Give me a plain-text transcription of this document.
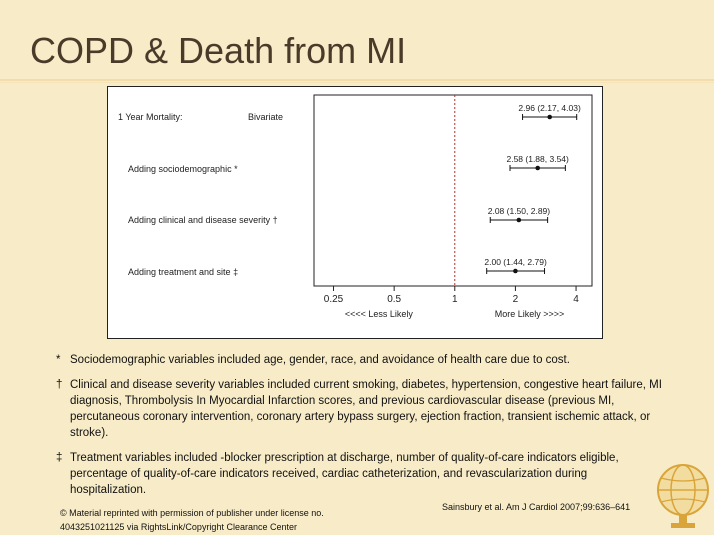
COPD & Death from MI
0.25	0.5	1	2	4
<<<< Less Likely	More Likely >>>>
2.96 (2.17, 4.03)
2.58 (1.88, 3.54)
2.08 (1.50, 2.89)
2.00 (1.44, 2.79)
1 Year Mortality:	Bivariate
Adding sociodemographic *
Adding clinical and disease severity †
Adding treatment and site ‡
* Sociodemographic variables included age, gender, race, and avoidance of health care due to cost.
† Clinical and disease severity variables included current smoking, diabetes, hypertension, congestive heart failure, MI diagnosis, Thrombolysis In Myocardial Infarction scores, and previous cardiovascular disease (previous MI, percutaneous coronary intervention, coronary artery bypass surgery, ejection fraction, transient ischemic attack, or stroke).
‡ Treatment variables included -blocker prescription at discharge, number of quality-of-care indicators eligible, percentage of quality-of-care indicators received, cardiac catheterization, and revascularization during hospitalization.
Sainsbury et al. Am J Cardiol 2007;99:636–641
© Material reprinted with permission of publisher under license no.
4043251021125 via RightsLink/Copyright Clearance Center
